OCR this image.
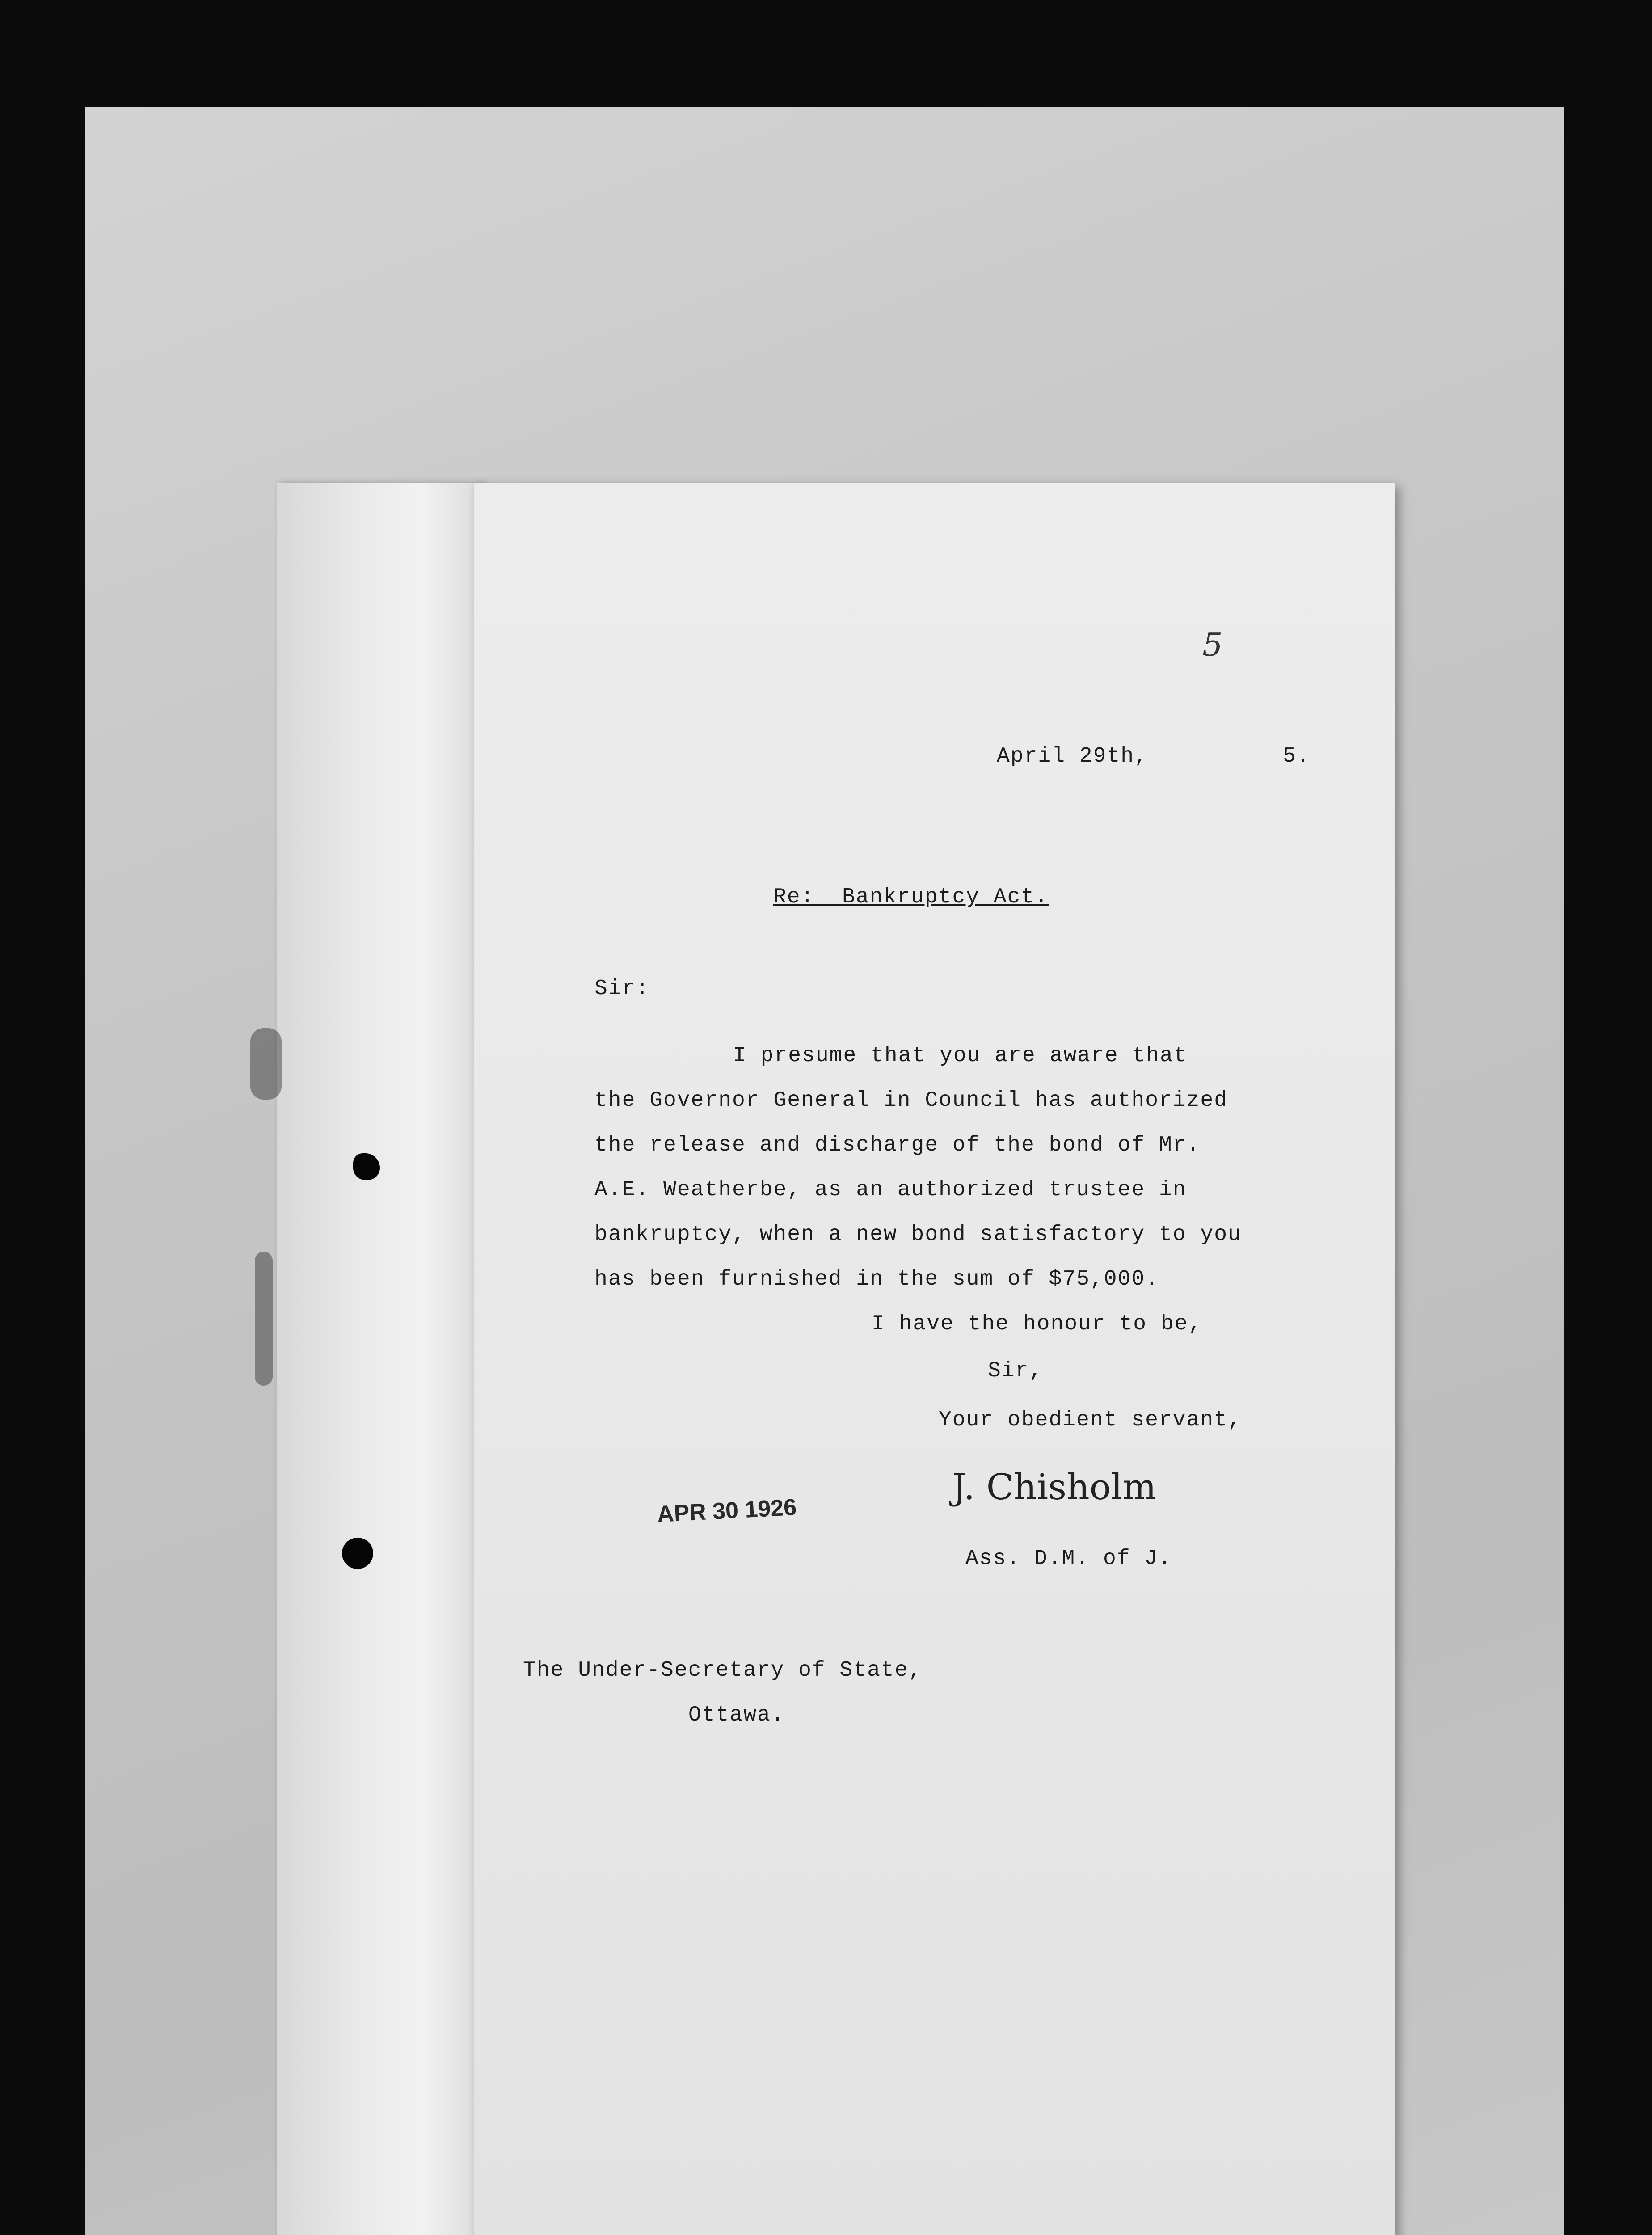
5
April 29th,	5.
Re:  Bankruptcy Act.
Sir:
I presume that you are aware that
the Governor General in Council has authorized
the release and discharge of the bond of Mr.
A.E. Weatherbe, as an authorized trustee in
bankruptcy, when a new bond satisfactory to you
has been furnished in the sum of $75,000.
I have the honour to be,
Sir,
Your obedient servant,
J. Chisholm
APR 30 1926
Ass. D.M. of J.
The Under-Secretary of State,
Ottawa.
